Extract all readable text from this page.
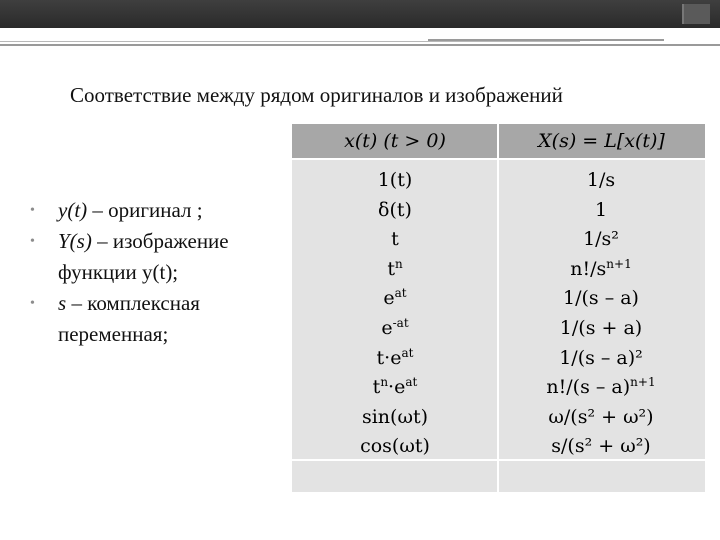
Соответствие между рядом оригиналов и изображений

• y(t) – оригинал ;

• Y(s) – изображение функции y(t);

• s – комплексная переменная;

x(t) (t > 0)	X(s) = L[x(t)]
1(t)
δ(t)
t
$t^n$
$e^{at}$
$e^{-at}$
$t\cdot e^{at}$
$t^n\cdot e^{at}$
sin(ωt)
cos(ωt)
1/s
1
1/s²
$n!/s^{n+1}$
1/(s – a)
1/(s + a)
1/(s – a)²
n!/(s – a)$^{n+1}$
ω/(s² + ω²)
s/(s² + ω²)
